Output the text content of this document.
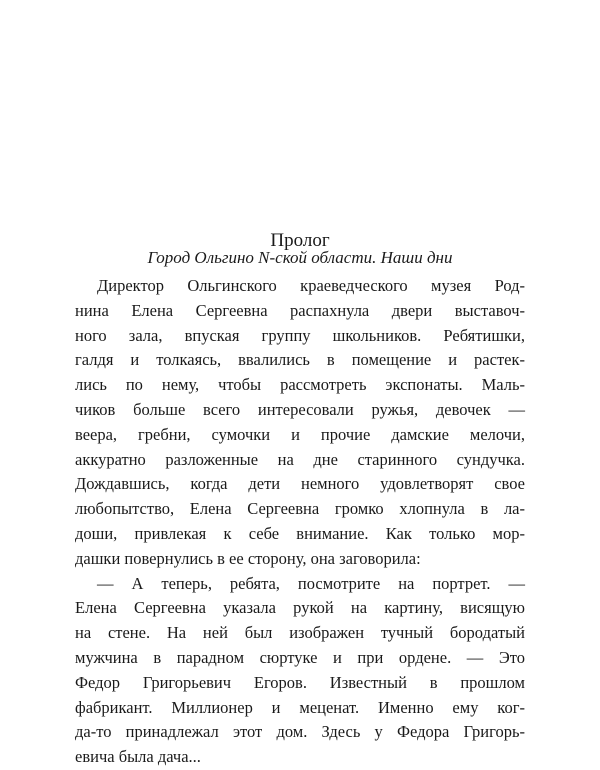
Пролог

Город Ольгино N-ской области. Наши дни

Директор Ольгинского краеведческого музея Род-
нина Елена Сергеевна распахнула двери выставоч-
ного зала, впуская группу школьников. Ребятишки,
галдя и толкаясь, ввалились в помещение и растек-
лись по нему, чтобы рассмотреть экспонаты. Маль-
чиков больше всего интересовали ружья, девочек —
веера, гребни, сумочки и прочие дамские мелочи,
аккуратно разложенные на дне старинного сундучка.
Дождавшись, когда дети немного удовлетворят свое
любопытство, Елена Сергеевна громко хлопнула в ла-
доши, привлекая к себе внимание. Как только мор-
дашки повернулись в ее сторону, она заговорила:
— А теперь, ребята, посмотрите на портрет. —
Елена Сергеевна указала рукой на картину, висящую
на стене. На ней был изображен тучный бородатый
мужчина в парадном сюртуке и при ордене. — Это
Федор Григорьевич Егоров. Известный в прошлом
фабрикант. Миллионер и меценат. Именно ему ког-
да-то принадлежал этот дом. Здесь у Федора Григорь-
евича была дача...
